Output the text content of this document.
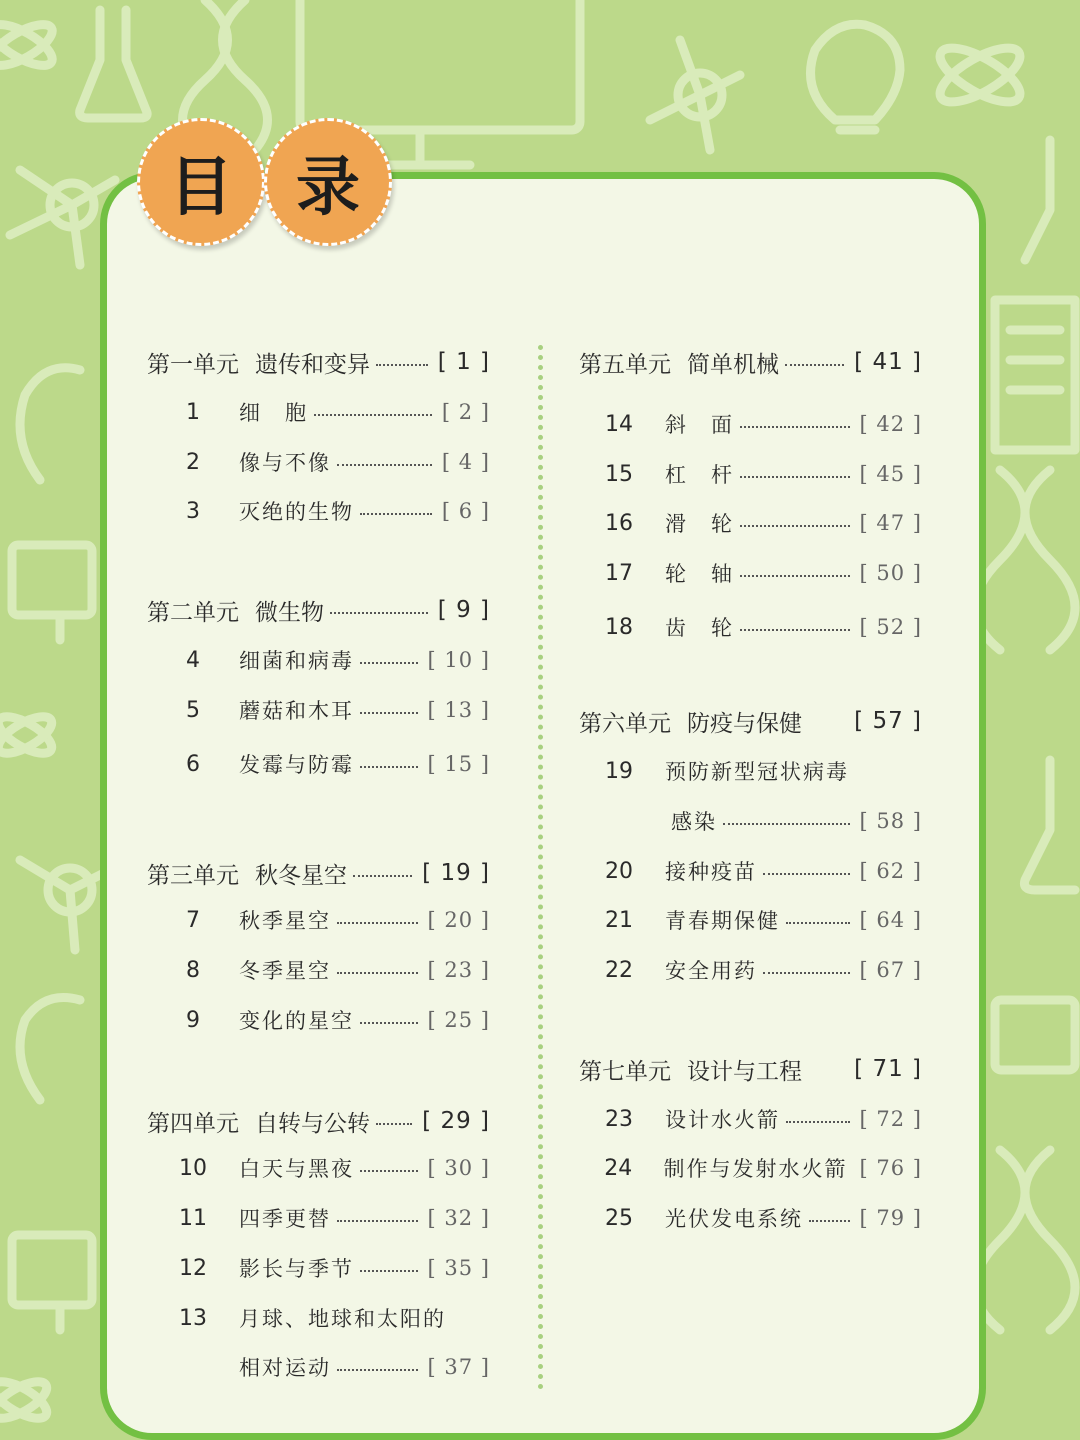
目 录
第一单元 遗传和变异	[ 1 ]
1	细　胞	[ 2 ]
2	像与不像	[ 4 ]
3	灭绝的生物	[ 6 ]
第二单元 微生物	[ 9 ]
4	细菌和病毒	[ 10 ]
5	蘑菇和木耳	[ 13 ]
6	发霉与防霉	[ 15 ]
第三单元 秋冬星空	[ 19 ]
7	秋季星空	[ 20 ]
8	冬季星空	[ 23 ]
9	变化的星空	[ 25 ]
第四单元 自转与公转 [ 29 ]
10 白天与黑夜	[ 30 ]
11 四季更替	[ 32 ]
12 影长与季节	[ 35 ]
13 月球、地球和太阳的
相对运动	[ 37 ]
第五单元 简单机械	[ 41 ]
14 斜　面	[ 42 ]
15 杠　杆	[ 45 ]
16 滑　轮	[ 47 ]
17 轮　轴	[ 50 ]
18 齿　轮	[ 52 ]
第六单元 防疫与保健 [ 57 ]
19 预防新型冠状病毒
感染	[ 58 ]
20 接种疫苗	[ 62 ]
21 青春期保健	[ 64 ]
22 安全用药	[ 67 ]
第七单元 设计与工程 [ 71 ]
23 设计水火箭	[ 72 ]
24 制作与发射水火箭 [ 76 ]
25 光伏发电系统	[ 79 ]
